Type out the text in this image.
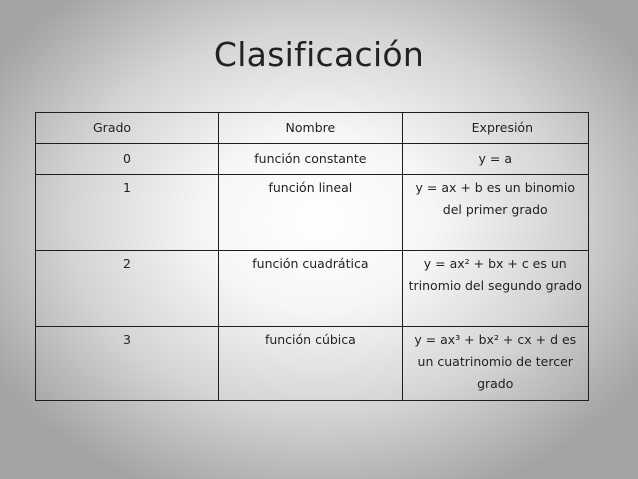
Clasificación
Grado	Nombre	Expresión
0	función constante	y = a
1	función lineal	y = ax + b es un binomio del primer grado
2	función cuadrática	y = ax² + bx + c es un trinomio del segundo grado
3	función cúbica	y = ax³ + bx² + cx + d es un cuatrinomio de tercer grado
